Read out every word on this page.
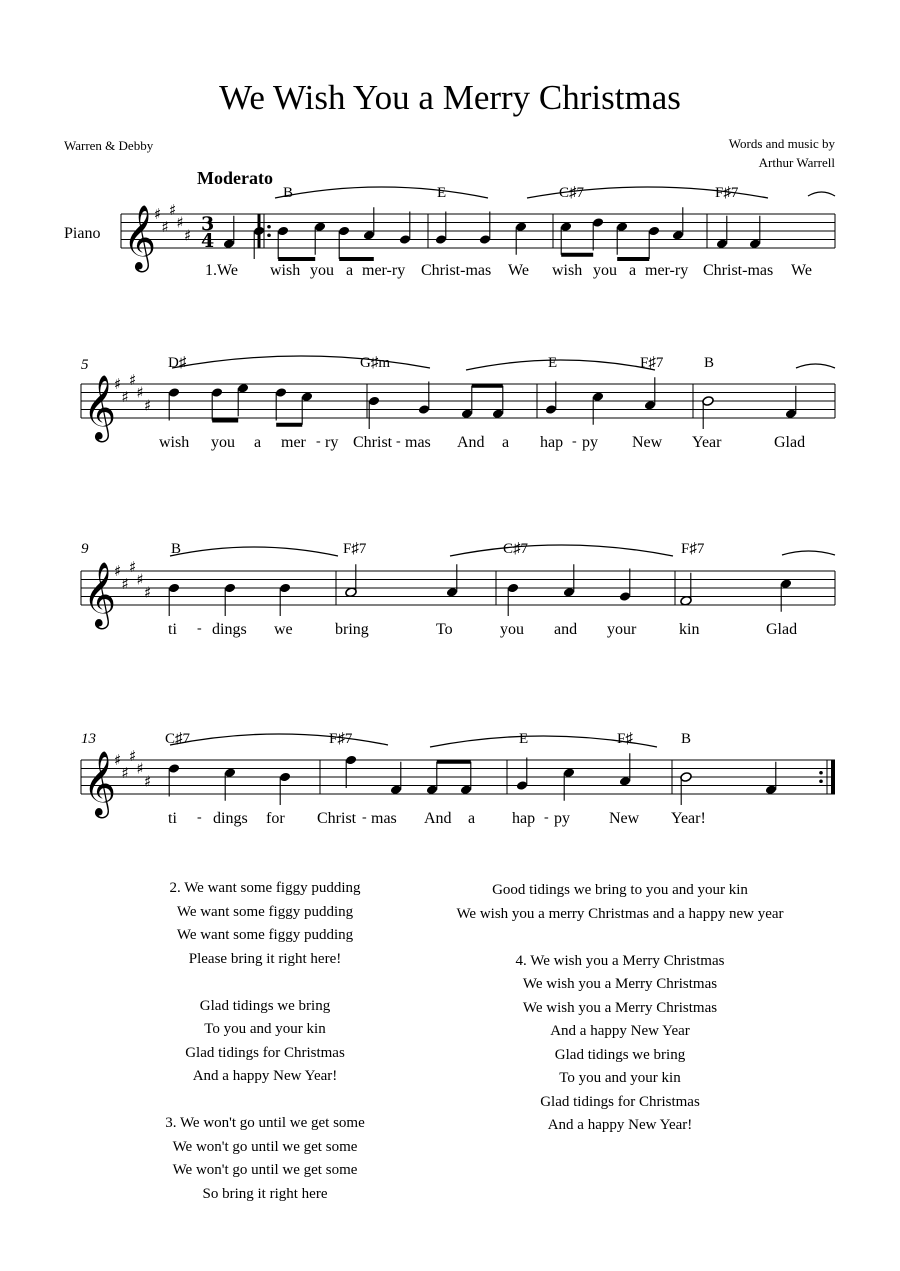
We Wish You a Merry Christmas
Warren & Debby	Words and music by
Arthur Warrell
Moderato
Piano
5
9
13
B	E	C♯7	F♯7
D♯	G♯m	E	F♯7	B
B	F♯7	C♯7	F♯7
C♯7	F♯7	E	F♯	B
1.We wish you a mer-ry Christ-mas We wish you a mer-ry Christ-mas We
wish you a mer - ry Christ - mas And a hap - py New Year	Glad
ti - dings we	bring	To	you and your	kin	Glad
ti - dings for Christ - mas And a hap - py New Year!
2. We want some figgy pudding
We want some figgy pudding
We want some figgy pudding
Please bring it right here!

Glad tidings we bring
To you and your kin
Glad tidings for Christmas
And a happy New Year!

3. We won't go until we get some
We won't go until we get some
We won't go until we get some
So bring it right here
Good tidings we bring to you and your kin
We wish you a merry Christmas and a happy new year

4. We wish you a Merry Christmas
We wish you a Merry Christmas
We wish you a Merry Christmas
And a happy New Year
Glad tidings we bring
To you and your kin
Glad tidings for Christmas
And a happy New Year!
𝄞
♯
♯
♯
♯
♯
3
4
𝄞
♯
♯
♯
♯
♯
𝄞
♯
♯
♯
♯
♯
𝄞
♯
♯
♯
♯
♯
